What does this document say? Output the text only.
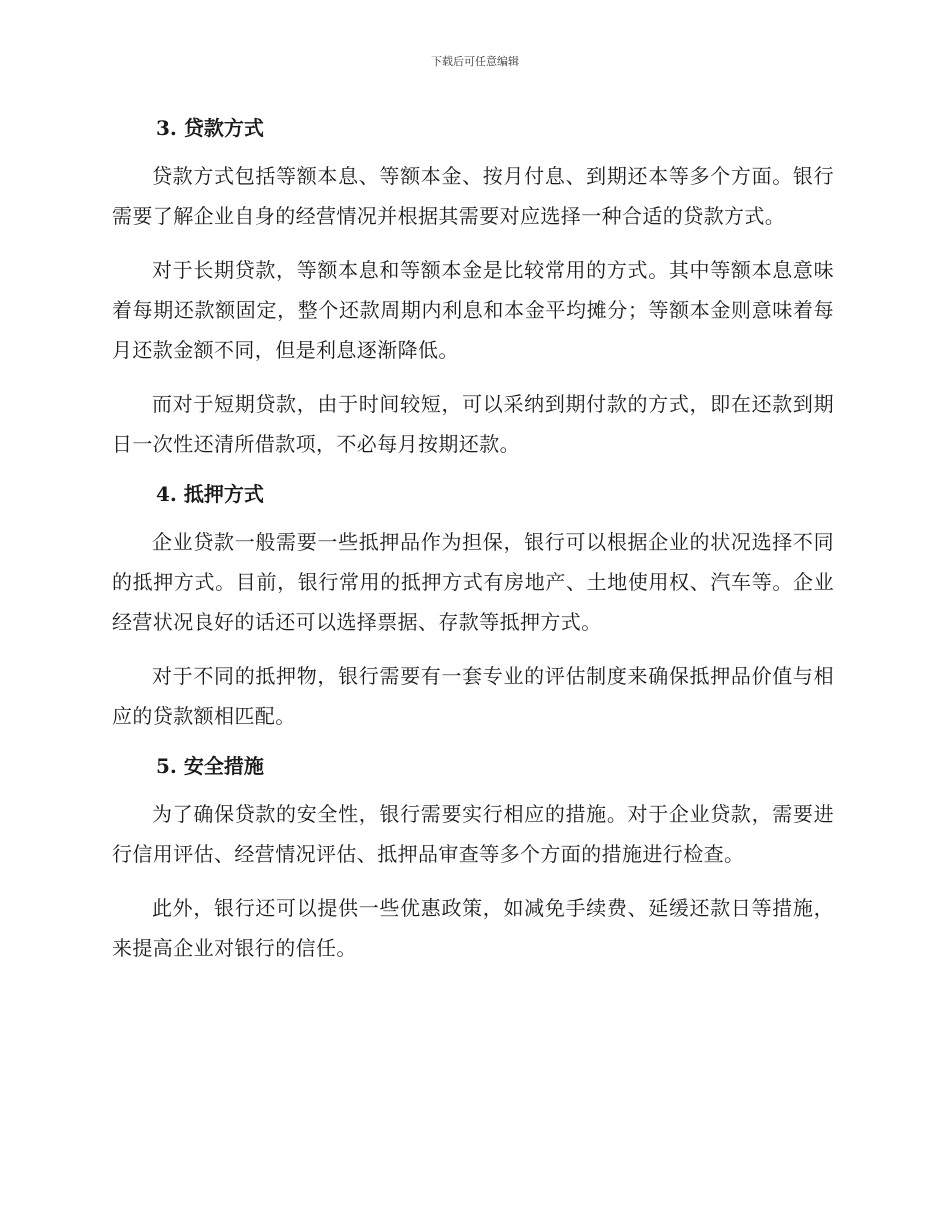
下载后可任意编辑
3. 贷款方式

贷款方式包括等额本息、等额本金、按月付息、到期还本等多个方面。银行需要了解企业自身的经营情况并根据其需要对应选择一种合适的贷款方式。

对于长期贷款，等额本息和等额本金是比较常用的方式。其中等额本息意味着每期还款额固定，整个还款周期内利息和本金平均摊分；等额本金则意味着每月还款金额不同，但是利息逐渐降低。

而对于短期贷款，由于时间较短，可以采纳到期付款的方式，即在还款到期日一次性还清所借款项，不必每月按期还款。

4. 抵押方式

企业贷款一般需要一些抵押品作为担保，银行可以根据企业的状况选择不同的抵押方式。目前，银行常用的抵押方式有房地产、土地使用权、汽车等。企业经营状况良好的话还可以选择票据、存款等抵押方式。

对于不同的抵押物，银行需要有一套专业的评估制度来确保抵押品价值与相应的贷款额相匹配。

5. 安全措施

为了确保贷款的安全性，银行需要实行相应的措施。对于企业贷款，需要进行信用评估、经营情况评估、抵押品审查等多个方面的措施进行检查。

此外，银行还可以提供一些优惠政策，如减免手续费、延缓还款日等措施，来提高企业对银行的信任。
